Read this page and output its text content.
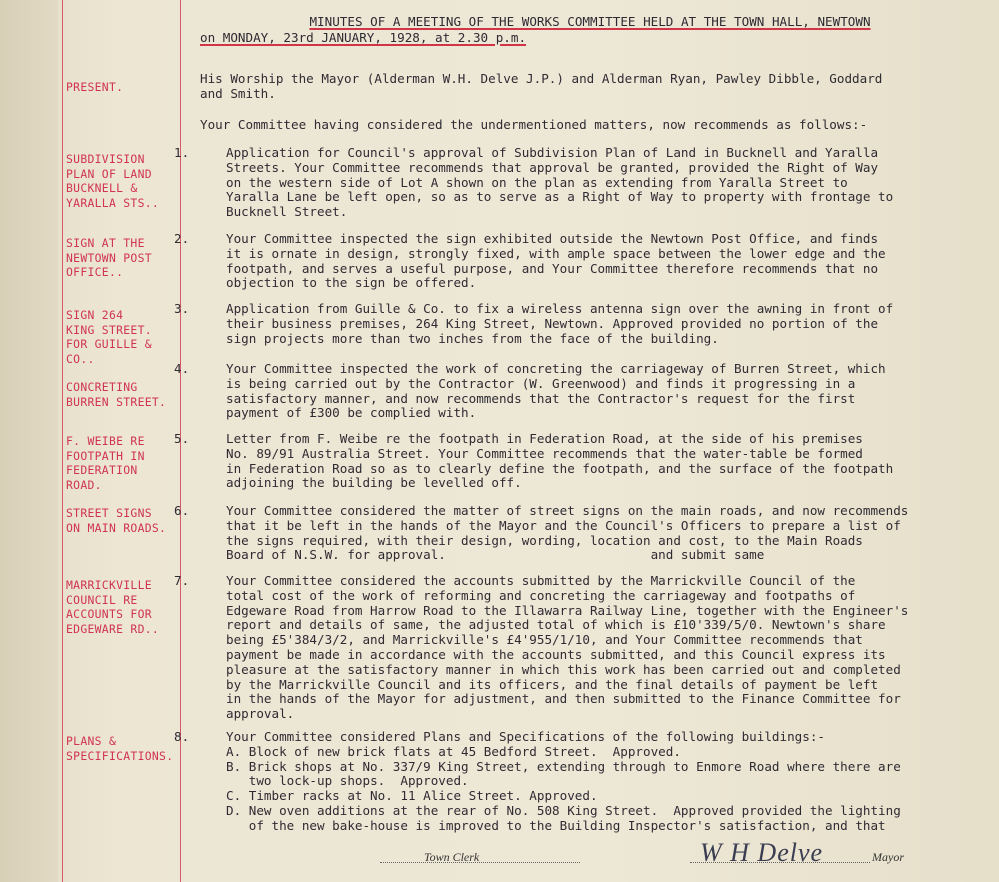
MINUTES OF A MEETING OF THE WORKS COMMITTEE HELD AT THE TOWN HALL, NEWTOWN
on MONDAY, 23rd JANUARY, 1928, at 2.30 p.m.
PRESENT.

His Worship the Mayor (Alderman W.H. Delve J.P.) and Alderman Ryan, Pawley Dibble, Goddard
and Smith.

Your Committee having considered the undermentioned matters, now recommends as follows:-

SUBDIVISION
PLAN OF LAND
BUCKNELL &
YARALLA STS..

1.	Application for Council's approval of Subdivision Plan of Land in Bucknell and Yaralla
Streets. Your Committee recommends that approval be granted, provided the Right of Way
on the western side of Lot A shown on the plan as extending from Yaralla Street to
Yaralla Lane be left open, so as to serve as a Right of Way to property with frontage to
Bucknell Street.

SIGN AT THE
NEWTOWN POST
OFFICE..

2.	Your Committee inspected the sign exhibited outside the Newtown Post Office, and finds
it is ornate in design, strongly fixed, with ample space between the lower edge and the
footpath, and serves a useful purpose, and Your Committee therefore recommends that no
objection to the sign be offered.

SIGN 264
KING STREET.
FOR GUILLE &
CO..

3.	Application from Guille & Co. to fix a wireless antenna sign over the awning in front of
their business premises, 264 King Street, Newtown. Approved provided no portion of the
sign projects more than two inches from the face of the building.

CONCRETING
BURREN STREET.

4.	Your Committee inspected the work of concreting the carriageway of Burren Street, which
is being carried out by the Contractor (W. Greenwood) and finds it progressing in a
satisfactory manner, and now recommends that the Contractor's request for the first
payment of £300 be complied with.

F. WEIBE RE
FOOTPATH IN
FEDERATION
ROAD.

5.	Letter from F. Weibe re the footpath in Federation Road, at the side of his premises
No. 89/91 Australia Street. Your Committee recommends that the water-table be formed
in Federation Road so as to clearly define the footpath, and the surface of the footpath
adjoining the building be levelled off.

STREET SIGNS
ON MAIN ROADS.

6.	Your Committee considered the matter of street signs on the main roads, and now recommends
that it be left in the hands of the Mayor and the Council's Officers to prepare a list of
the signs required, with their design, wording, location and cost, to the Main Roads
Board of N.S.W. for approval.                           and submit same

MARRICKVILLE
COUNCIL RE
ACCOUNTS FOR
EDGEWARE RD..

7.	Your Committee considered the accounts submitted by the Marrickville Council of the
total cost of the work of reforming and concreting the carriageway and footpaths of
Edgeware Road from Harrow Road to the Illawarra Railway Line, together with the Engineer's
report and details of same, the adjusted total of which is £10'339/5/0. Newtown's share
being £5'384/3/2, and Marrickville's £4'955/1/10, and Your Committee recommends that
payment be made in accordance with the accounts submitted, and this Council express its
pleasure at the satisfactory manner in which this work has been carried out and completed
by the Marrickville Council and its officers, and the final details of payment be left
in the hands of the Mayor for adjustment, and then submitted to the Finance Committee for
approval.

PLANS &
SPECIFICATIONS.

8.	Your Committee considered Plans and Specifications of the following buildings:-
A. Block of new brick flats at 45 Bedford Street.  Approved.
B. Brick shops at No. 337/9 King Street, extending through to Enmore Road where there are
two lock-up shops.  Approved.
C. Timber racks at No. 11 Alice Street. Approved.
D. New oven additions at the rear of No. 508 King Street.  Approved provided the lighting
of the new bake-house is improved to the Building Inspector's satisfaction, and that

Town Clerk	W H Delve	Mayor
